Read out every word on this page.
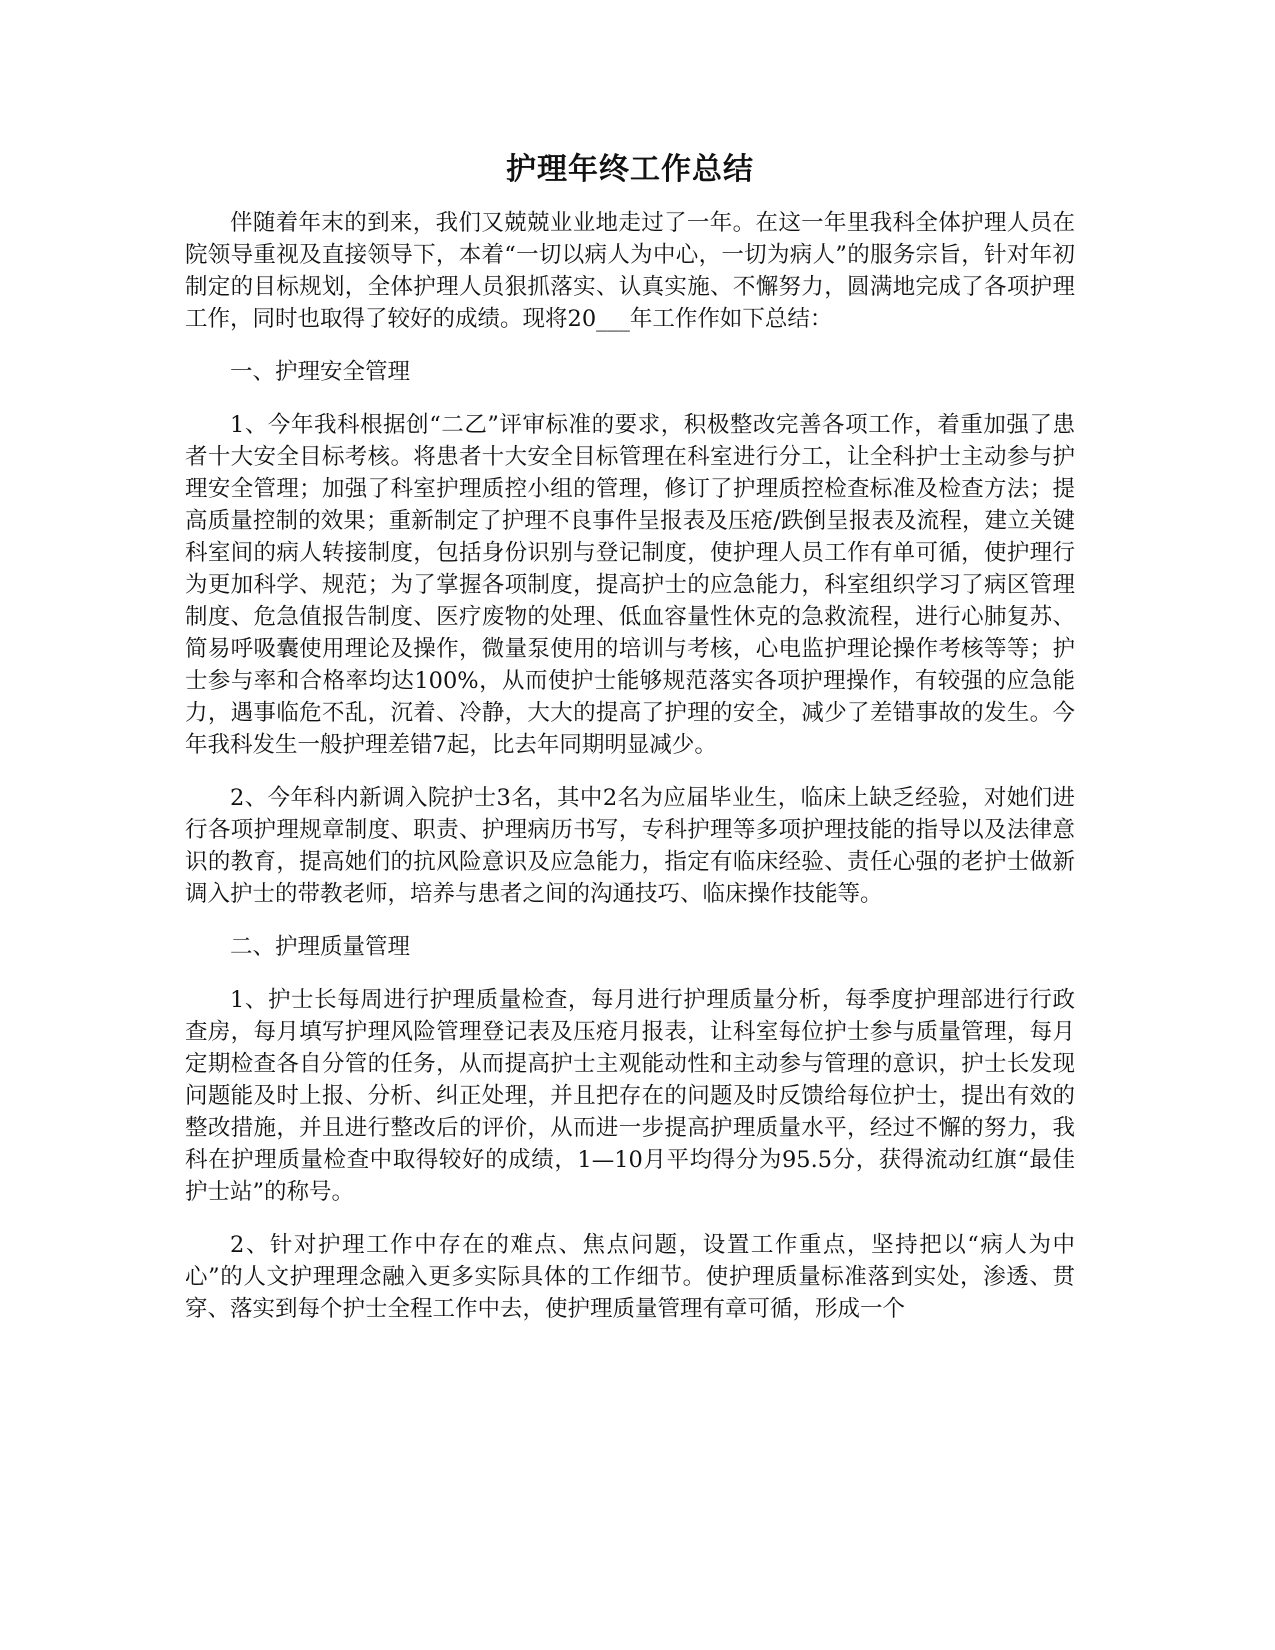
护理年终工作总结

伴随着年末的到来，我们又兢兢业业地走过了一年。在这一年里我科全体护理人员在院领导重视及直接领导下，本着“一切以病人为中心，一切为病人”的服务宗旨，针对年初制定的目标规划，全体护理人员狠抓落实、认真实施、不懈努力，圆满地完成了各项护理工作，同时也取得了较好的成绩。现将20___年工作作如下总结：

一、护理安全管理

1、今年我科根据创“二乙”评审标准的要求，积极整改完善各项工作，着重加强了患者十大安全目标考核。将患者十大安全目标管理在科室进行分工，让全科护士主动参与护理安全管理；加强了科室护理质控小组的管理，修订了护理质控检查标准及检查方法；提高质量控制的效果；重新制定了护理不良事件呈报表及压疮/跌倒呈报表及流程，建立关键科室间的病人转接制度，包括身份识别与登记制度，使护理人员工作有单可循，使护理行为更加科学、规范；为了掌握各项制度，提高护士的应急能力，科室组织学习了病区管理制度、危急值报告制度、医疗废物的处理、低血容量性休克的急救流程，进行心肺复苏、简易呼吸囊使用理论及操作，微量泵使用的培训与考核，心电监护理论操作考核等等；护士参与率和合格率均达100%，从而使护士能够规范落实各项护理操作，有较强的应急能力，遇事临危不乱，沉着、冷静，大大的提高了护理的安全，减少了差错事故的发生。今年我科发生一般护理差错7起，比去年同期明显减少。

2、今年科内新调入院护士3名，其中2名为应届毕业生，临床上缺乏经验，对她们进行各项护理规章制度、职责、护理病历书写，专科护理等多项护理技能的指导以及法律意识的教育，提高她们的抗风险意识及应急能力，指定有临床经验、责任心强的老护士做新调入护士的带教老师，培养与患者之间的沟通技巧、临床操作技能等。

二、护理质量管理

1、护士长每周进行护理质量检查，每月进行护理质量分析，每季度护理部进行行政查房，每月填写护理风险管理登记表及压疮月报表，让科室每位护士参与质量管理，每月定期检查各自分管的任务，从而提高护士主观能动性和主动参与管理的意识，护士长发现问题能及时上报、分析、纠正处理，并且把存在的问题及时反馈给每位护士，提出有效的整改措施，并且进行整改后的评价，从而进一步提高护理质量水平，经过不懈的努力，我科在护理质量检查中取得较好的成绩，1—10月平均得分为95.5分，获得流动红旗“最佳护士站”的称号。

2、针对护理工作中存在的难点、焦点问题，设置工作重点，坚持把以“病人为中心”的人文护理理念融入更多实际具体的工作细节。使护理质量标准落到实处，渗透、贯穿、落实到每个护士全程工作中去，使护理质量管理有章可循，形成一个
